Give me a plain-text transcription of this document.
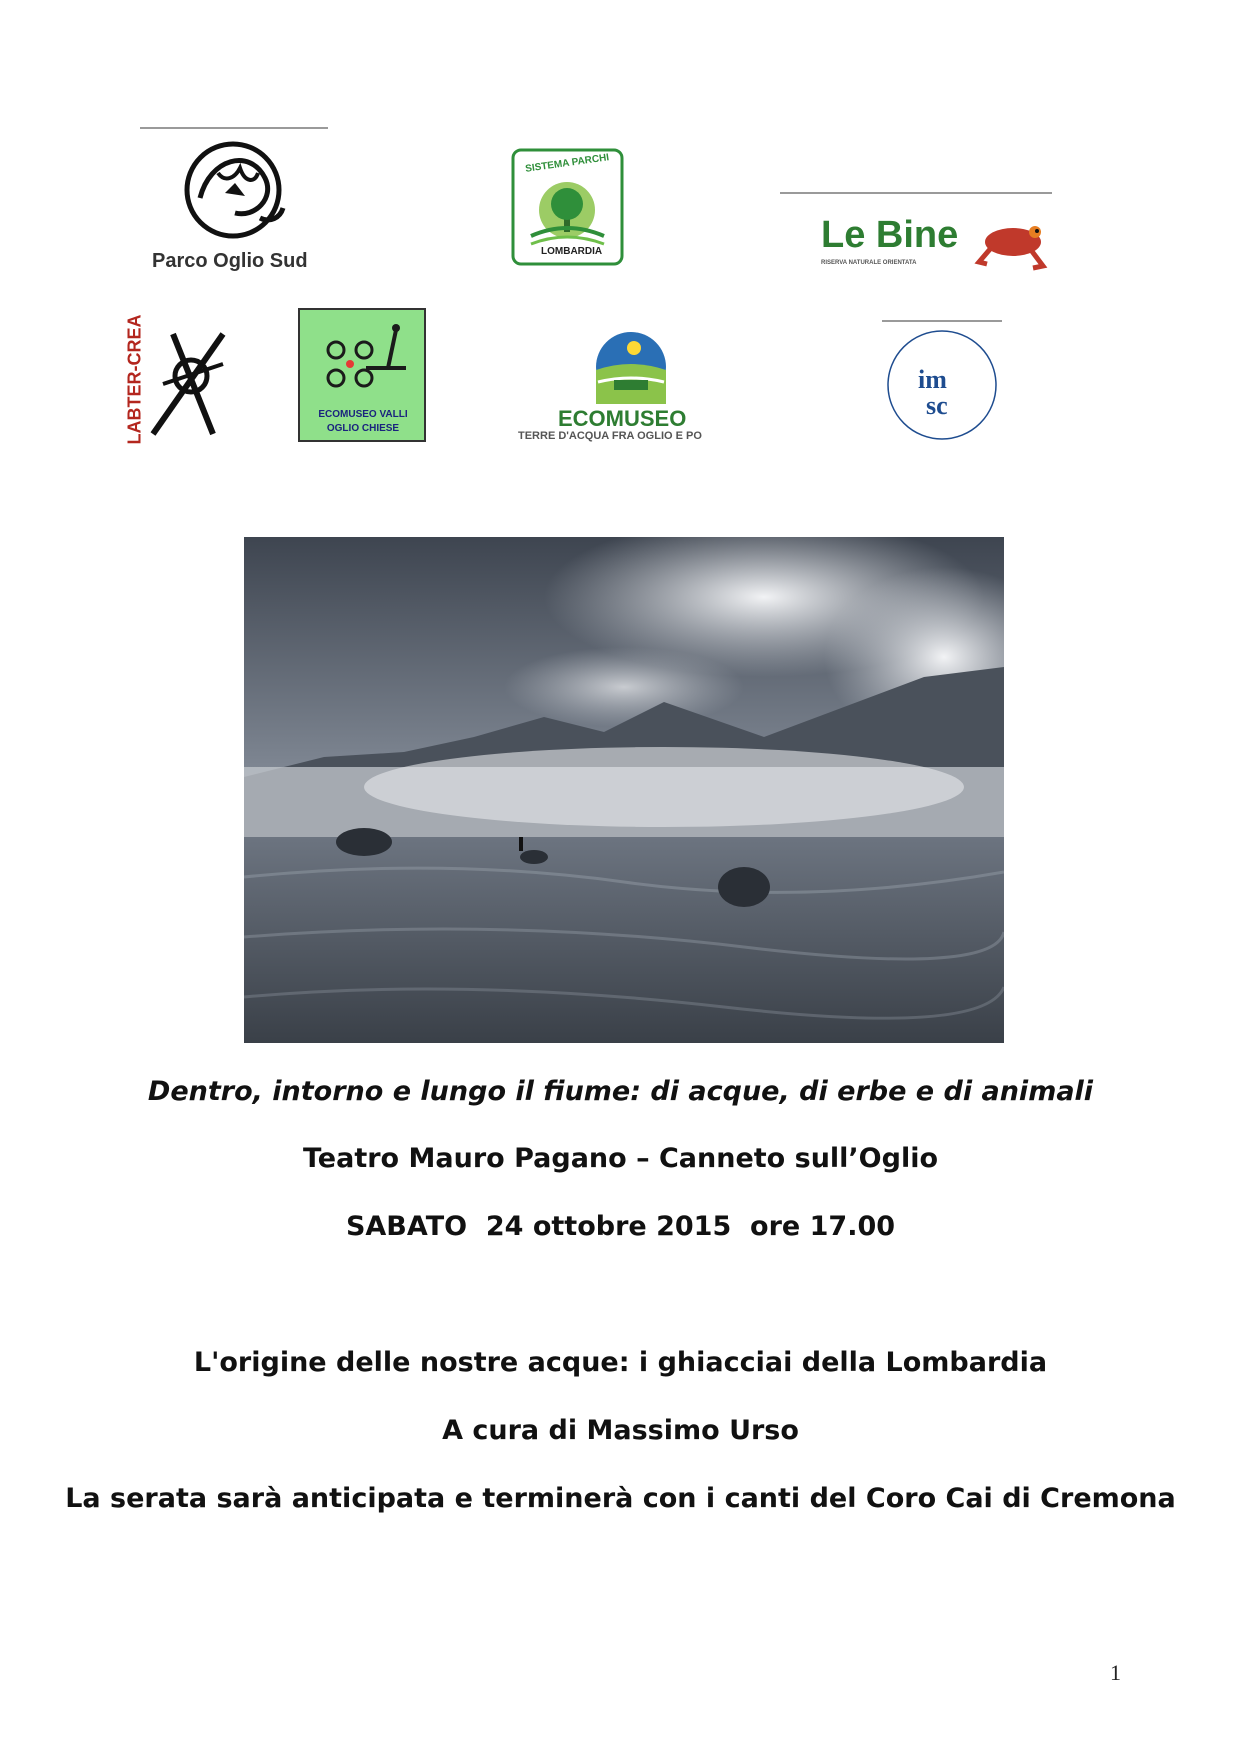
Parco Oglio Sud
SISTEMA PARCHI
LOMBARDIA	Le Bine
RISERVA NATURALE ORIENTATA
LABTER-CREA	ECOMUSEO VALLI OGLIO CHIESE	ECOMUSEO
TERRE D'ACQUA FRA OGLIO E PO
im
sc
Dentro, intorno e lungo il fiume: di acque, di erbe e di animali
Teatro Mauro Pagano – Canneto sull’Oglio
SABATO  24 ottobre 2015  ore 17.00
L'origine delle nostre acque: i ghiacciai della Lombardia
A cura di Massimo Urso
La serata sarà anticipata e terminerà con i canti del Coro Cai di Cremona
1
